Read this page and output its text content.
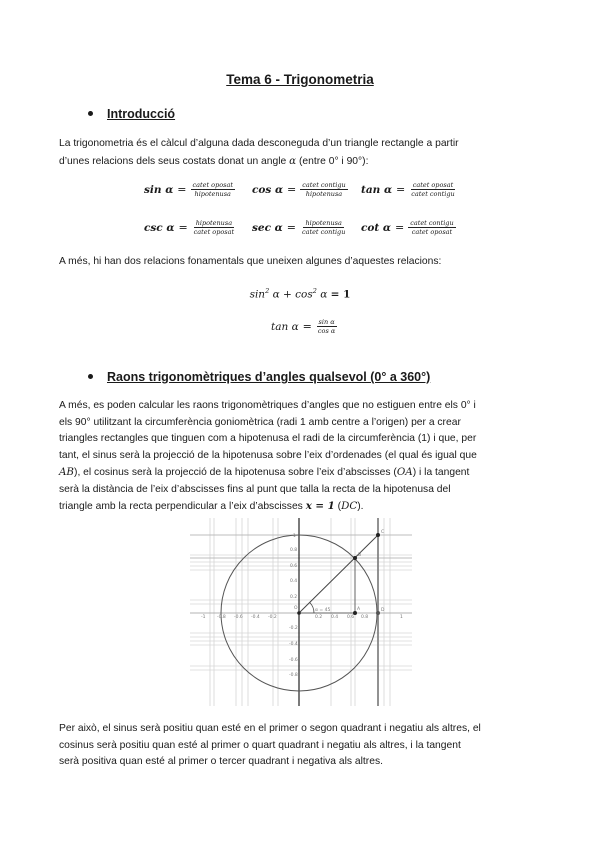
Tema 6 - Trigonometria
Introducció
La trigonometria és el càlcul d’alguna dada desconeguda d’un triangle rectangle a partir
d’unes relacions dels seus costats donat un angle α (entre 0° i 90°):
$\sin \alpha = \frac{\text{catet oposat}}{\text{hipotenusa}}$ $\cos \alpha = \frac{\text{catet contigu}}{\text{hipotenusa}}$ $\tan \alpha = \frac{\text{catet oposat}}{\text{catet contigu}}$
$\csc \alpha = \frac{\text{hipotenusa}}{\text{catet oposat}}$ $\sec \alpha = \frac{\text{hipotenusa}}{\text{catet contigu}}$ $\cot \alpha = \frac{\text{catet contigu}}{\text{catet oposat}}$
A més, hi han dos relacions fonamentals que uneixen algunes d’aquestes relacions:
$\sin^2 \alpha + \cos^2 \alpha = 1$
$\tan \alpha = \frac{\text{sin α}}{\text{cos α}}$
Raons trigonomètriques d’angles qualsevol (0° a 360°)
A més, es poden calcular les raons trigonomètriques d’angles que no estiguen entre els 0° i
els 90° utilitzant la circumferència goniomètrica (radi 1 amb centre a l’origen) per a crear
triangles rectangles que tinguen com a hipotenusa el radi de la circumferència (1) i que, per
tant, el sinus serà la projecció de la hipotenusa sobre l’eix d’ordenades (el qual és igual que
AB), el cosinus serà la projecció de la hipotenusa sobre l’eix d’abscisses (OA) i la tangent
serà la distància de l’eix d’abscisses fins al punt que talla la recta de la hipotenusa del
triangle amb la recta perpendicular a l’eix d’abscisses x = 1 (DC).
α = 45
O	A
B
C
D
-1	-0.8 -0.6 -0.4 -0.2	0.2 0.4 0.6 0.8	1
0.2
0.4
0.6
0.8
1
-0.2
-0.4
-0.6
-0.8
Per això, el sinus serà positiu quan esté en el primer o segon quadrant i negatiu als altres, el
cosinus serà positiu quan esté al primer o quart quadrant i negatiu als altres, i la tangent
serà positiva quan esté al primer o tercer quadrant i negativa als altres.
